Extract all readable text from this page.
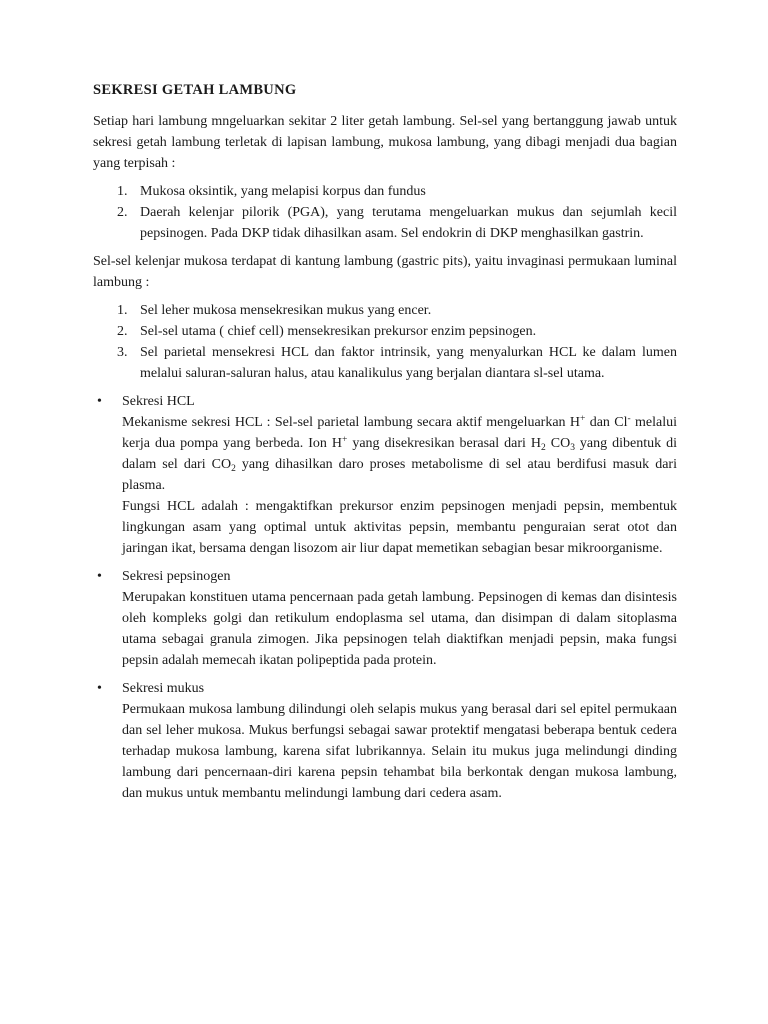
SEKRESI GETAH LAMBUNG

Setiap hari lambung mngeluarkan sekitar 2 liter getah lambung. Sel-sel yang bertanggung jawab untuk sekresi getah lambung terletak di lapisan lambung, mukosa lambung, yang dibagi menjadi dua bagian yang terpisah :

1. Mukosa oksintik, yang melapisi korpus dan fundus
2. Daerah kelenjar pilorik (PGA), yang terutama mengeluarkan mukus dan sejumlah kecil pepsinogen. Pada DKP tidak dihasilkan asam. Sel endokrin di DKP menghasilkan gastrin.

Sel-sel kelenjar mukosa terdapat di kantung lambung (gastric pits), yaitu invaginasi permukaan luminal lambung :

1. Sel leher mukosa mensekresikan mukus yang encer.
2. Sel-sel utama ( chief cell) mensekresikan prekursor enzim pepsinogen.
3. Sel parietal mensekresi HCL dan faktor intrinsik, yang menyalurkan HCL ke dalam lumen melalui saluran-saluran halus, atau kanalikulus yang berjalan diantara sl-sel utama.
•	Sekresi HCL

Mekanisme sekresi HCL : Sel-sel parietal lambung secara aktif mengeluarkan H+ dan Cl- melalui kerja dua pompa yang berbeda. Ion H+ yang disekresikan berasal dari $H_2$ $CO_3$ yang dibentuk di dalam sel dari $CO_2$ yang dihasilkan daro proses metabolisme di sel atau berdifusi masuk dari plasma.

Fungsi HCL adalah : mengaktifkan prekursor enzim pepsinogen menjadi pepsin, membentuk lingkungan asam yang optimal untuk aktivitas pepsin, membantu penguraian serat otot dan jaringan ikat, bersama dengan lisozom air liur dapat memetikan sebagian besar mikroorganisme.

•	Sekresi pepsinogen

Merupakan konstituen utama pencernaan pada getah lambung. Pepsinogen di kemas dan disintesis oleh kompleks golgi dan retikulum endoplasma sel utama, dan disimpan di dalam sitoplasma utama sebagai granula zimogen. Jika pepsinogen telah diaktifkan menjadi pepsin, maka fungsi pepsin adalah memecah ikatan polipeptida pada protein.

•	Sekresi mukus

Permukaan mukosa lambung dilindungi oleh selapis mukus yang berasal dari sel epitel permukaan dan sel leher mukosa. Mukus berfungsi sebagai sawar protektif mengatasi beberapa bentuk cedera terhadap mukosa lambung, karena sifat lubrikannya. Selain itu mukus juga melindungi dinding lambung dari pencernaan-diri karena pepsin tehambat bila berkontak dengan mukosa lambung, dan mukus untuk membantu melindungi lambung dari cedera asam.
